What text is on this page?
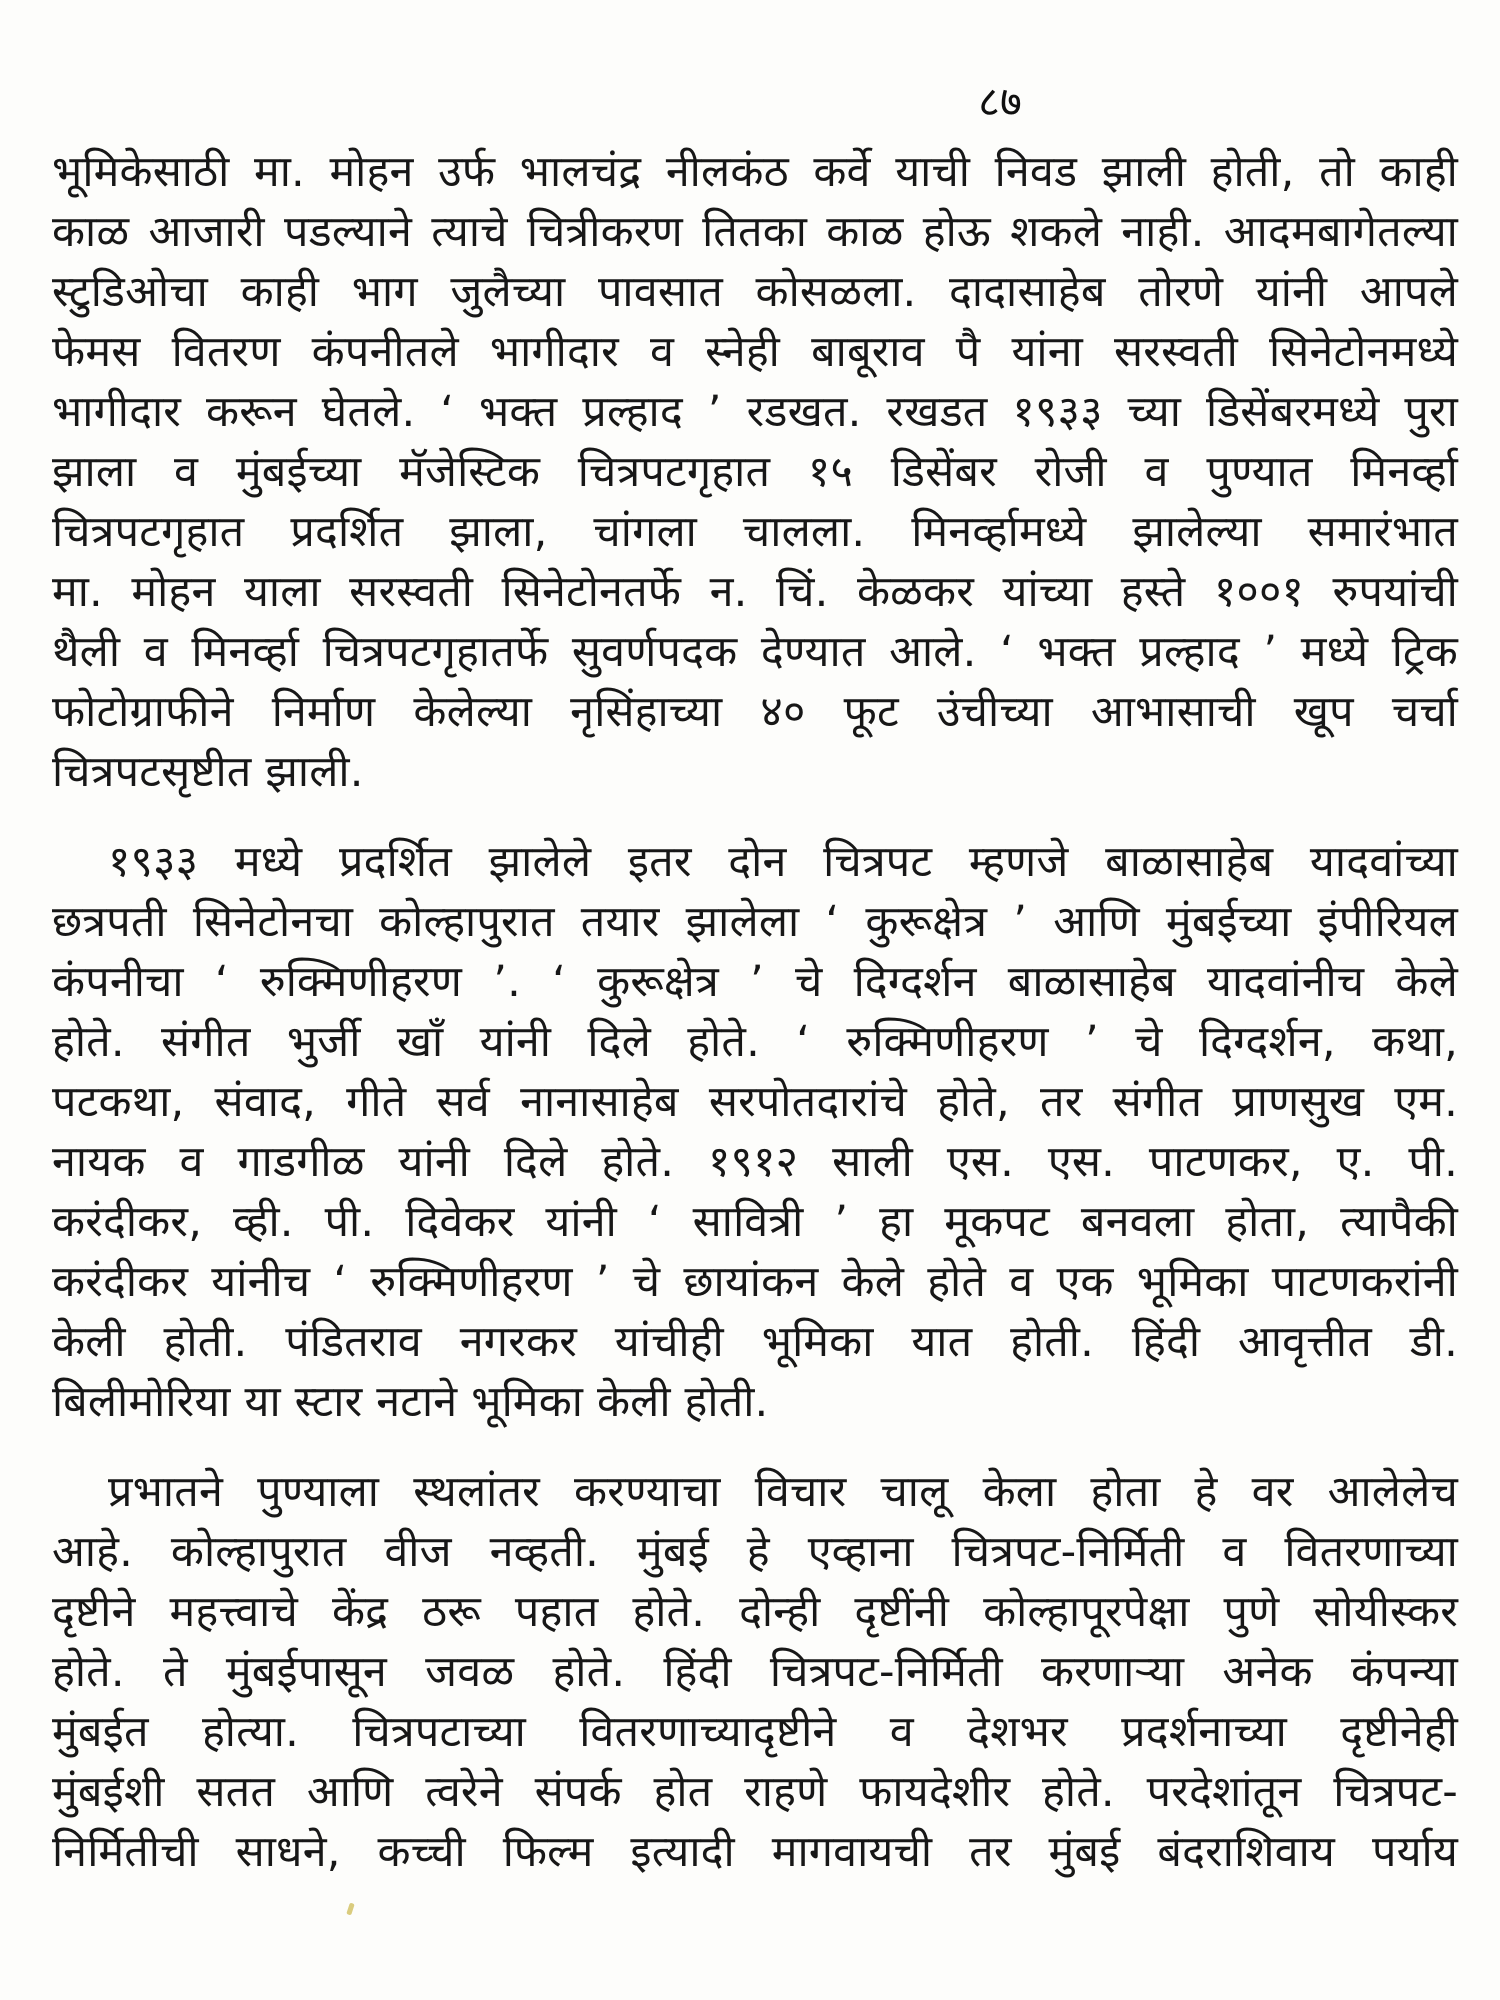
८७
भूमिकेसाठी मा. मोहन उर्फ भालचंद्र नीलकंठ कर्वे याची निवड झाली होती, तो काही
काळ आजारी पडल्याने त्याचे चित्रीकरण तितका काळ होऊ शकले नाही. आदमबागेतल्या
स्टुडिओचा काही भाग जुलैच्या पावसात कोसळला. दादासाहेब तोरणे यांनी आपले
फेमस वितरण कंपनीतले भागीदार व स्नेही बाबूराव पै यांना सरस्वती सिनेटोनमध्ये
भागीदार करून घेतले. ‘ भक्त प्रल्हाद ’ रडखत. रखडत १९३३ च्या डिसेंबरमध्ये पुरा
झाला व मुंबईच्या मॅजेस्टिक चित्रपटगृहात १५ डिसेंबर रोजी व पुण्यात मिनर्व्हा
चित्रपटगृहात प्रदर्शित झाला, चांगला चालला. मिनर्व्हामध्ये झालेल्या समारंभात
मा. मोहन याला सरस्वती सिनेटोनतर्फे न. चिं. केळकर यांच्या हस्ते १००१ रुपयांची
थैली व मिनर्व्हा चित्रपटगृहातर्फे सुवर्णपदक देण्यात आले. ‘ भक्त प्रल्हाद ’ मध्ये ट्रिक
फोटोग्राफीने निर्माण केलेल्या नृसिंहाच्या ४० फूट उंचीच्या आभासाची खूप चर्चा
चित्रपटसृष्टीत झाली.
१९३३ मध्ये प्रदर्शित झालेले इतर दोन चित्रपट म्हणजे बाळासाहेब यादवांच्या
छत्रपती सिनेटोनचा कोल्हापुरात तयार झालेला ‘ कुरूक्षेत्र ’ आणि मुंबईच्या इंपीरियल
कंपनीचा ‘ रुक्मिणीहरण ’. ‘ कुरूक्षेत्र ’ चे दिग्दर्शन बाळासाहेब यादवांनीच केले
होते. संगीत भुर्जी खाँ यांनी दिले होते. ‘ रुक्मिणीहरण ’ चे दिग्दर्शन, कथा,
पटकथा, संवाद, गीते सर्व नानासाहेब सरपोतदारांचे होते, तर संगीत प्राणसुख एम.
नायक व गाडगीळ यांनी दिले होते. १९१२ साली एस. एस. पाटणकर, ए. पी.
करंदीकर, व्ही. पी. दिवेकर यांनी ‘ सावित्री ’ हा मूकपट बनवला होता, त्यापैकी
करंदीकर यांनीच ‘ रुक्मिणीहरण ’ चे छायांकन केले होते व एक भूमिका पाटणकरांनी
केली होती. पंडितराव नगरकर यांचीही भूमिका यात होती. हिंदी आवृत्तीत डी.
बिलीमोरिया या स्टार नटाने भूमिका केली होती.
प्रभातने पुण्याला स्थलांतर करण्याचा विचार चालू केला होता हे वर आलेलेच
आहे. कोल्हापुरात वीज नव्हती. मुंबई हे एव्हाना चित्रपट-निर्मिती व वितरणाच्या
दृष्टीने महत्त्वाचे केंद्र ठरू पहात होते. दोन्ही दृष्टींनी कोल्हापूरपेक्षा पुणे सोयीस्कर
होते. ते मुंबईपासून जवळ होते. हिंदी चित्रपट-निर्मिती करणाऱ्या अनेक कंपन्या
मुंबईत होत्या. चित्रपटाच्या वितरणाच्यादृष्टीने व देशभर प्रदर्शनाच्या दृष्टीनेही
मुंबईशी सतत आणि त्वरेने संपर्क होत राहणे फायदेशीर होते. परदेशांतून चित्रपट-
निर्मितीची साधने, कच्ची फिल्म इत्यादी मागवायची तर मुंबई बंदराशिवाय पर्याय
